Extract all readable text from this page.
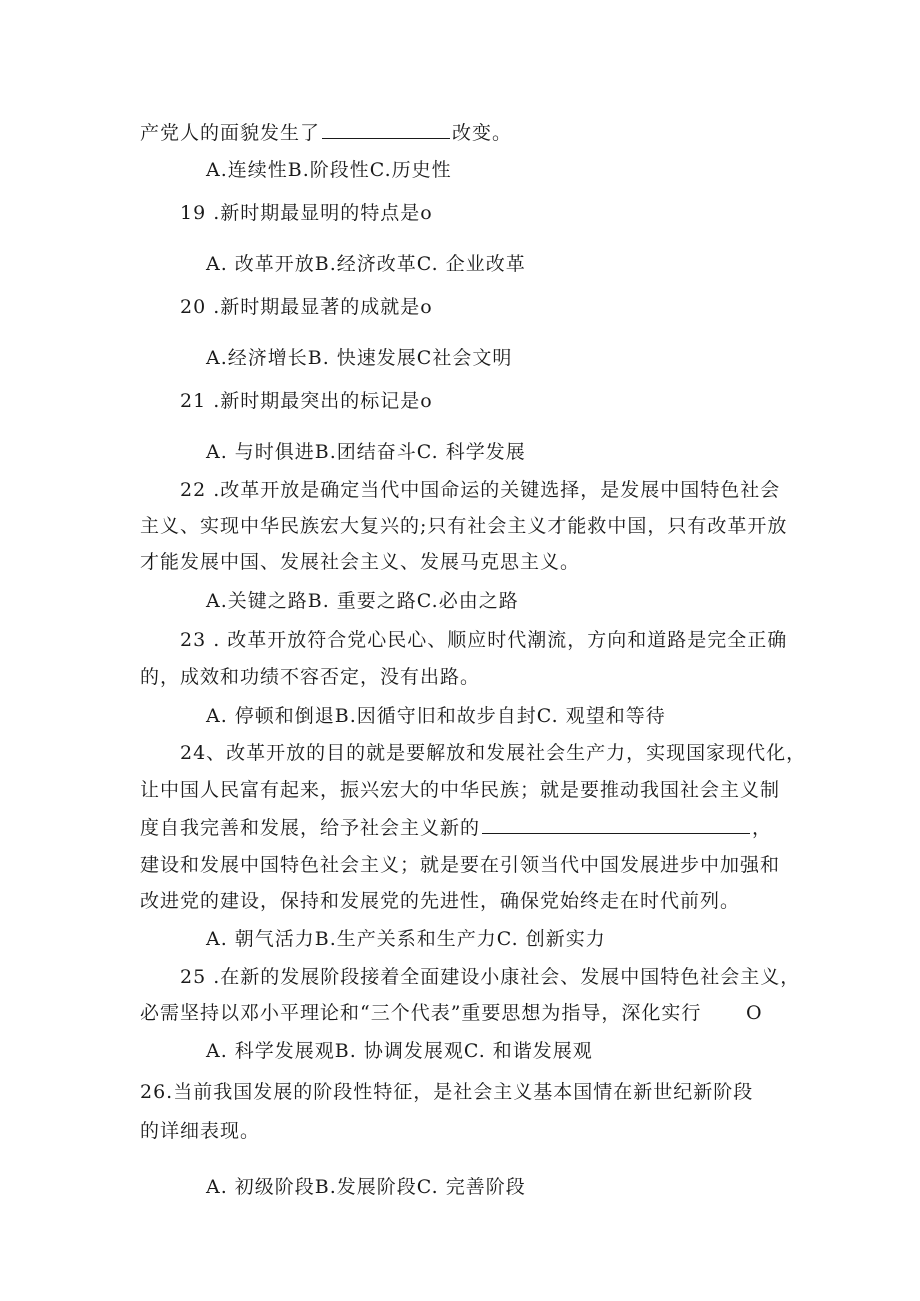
产党人的面貌发生了	改变。
A.连续性B.阶段性C.历史性
19 .新时期最显明的特点是o
A. 改革开放B.经济改革C. 企业改革
20 .新时期最显著的成就是o
A.经济增长B. 快速发展C社会文明
21 .新时期最突出的标记是o
A. 与时俱进B.团结奋斗C. 科学发展
22 .改革开放是确定当代中国命运的关键选择，是发展中国特色社会
主义、实现中华民族宏大复兴的;只有社会主义才能救中国，只有改革开放
才能发展中国、发展社会主义、发展马克思主义。
A.关键之路B. 重要之路C.必由之路
23 . 改革开放符合党心民心、顺应时代潮流，方向和道路是完全正确
的，成效和功绩不容否定，没有出路。
A. 停顿和倒退B.因循守旧和故步自封C. 观望和等待
24、改革开放的目的就是要解放和发展社会生产力，实现国家现代化，
让中国人民富有起来，振兴宏大的中华民族；就是要推动我国社会主义制
度自我完善和发展，给予社会主义新的	，
建设和发展中国特色社会主义；就是要在引领当代中国发展进步中加强和
改进党的建设，保持和发展党的先进性，确保党始终走在时代前列。
A. 朝气活力B.生产关系和生产力C. 创新实力
25 .在新的发展阶段接着全面建设小康社会、发展中国特色社会主义，
必需坚持以邓小平理论和“三个代表”重要思想为指导，深化实行 O
A. 科学发展观B. 协调发展观C. 和谐发展观
26.当前我国发展的阶段性特征，是社会主义基本国情在新世纪新阶段
的详细表现。
A. 初级阶段B.发展阶段C. 完善阶段
